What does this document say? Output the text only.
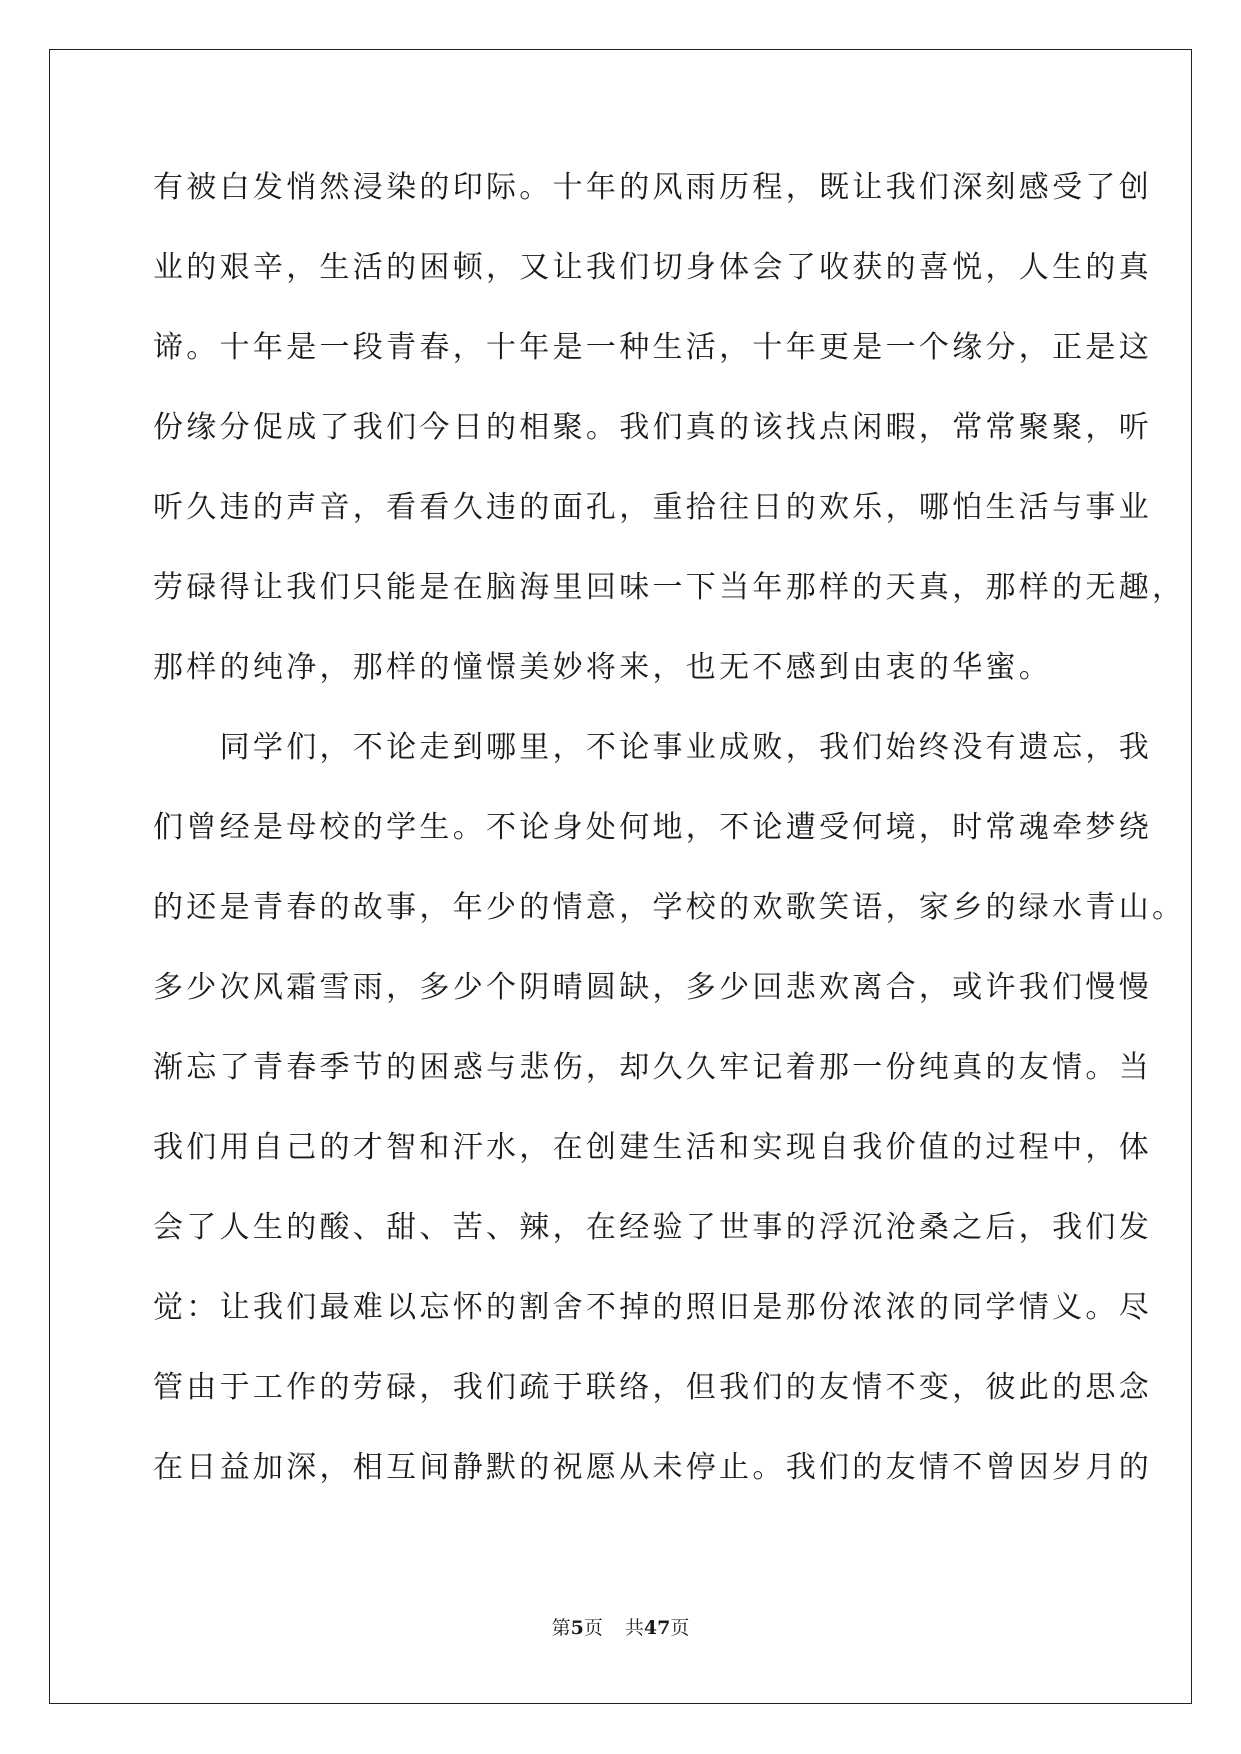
有被白发悄然浸染的印际。十年的风雨历程，既让我们深刻感受了创
业的艰辛，生活的困顿，又让我们切身体会了收获的喜悦，人生的真
谛。十年是一段青春，十年是一种生活，十年更是一个缘分，正是这
份缘分促成了我们今日的相聚。我们真的该找点闲暇，常常聚聚，听
听久违的声音，看看久违的面孔，重拾往日的欢乐，哪怕生活与事业
劳碌得让我们只能是在脑海里回味一下当年那样的天真，那样的无趣，
那样的纯净，那样的憧憬美妙将来，也无不感到由衷的华蜜。
　　同学们，不论走到哪里，不论事业成败，我们始终没有遗忘，我
们曾经是母校的学生。不论身处何地，不论遭受何境，时常魂牵梦绕
的还是青春的故事，年少的情意，学校的欢歌笑语，家乡的绿水青山。
多少次风霜雪雨，多少个阴晴圆缺，多少回悲欢离合，或许我们慢慢
渐忘了青春季节的困惑与悲伤，却久久牢记着那一份纯真的友情。当
我们用自己的才智和汗水，在创建生活和实现自我价值的过程中，体
会了人生的酸、甜、苦、辣，在经验了世事的浮沉沧桑之后，我们发
觉：让我们最难以忘怀的割舍不掉的照旧是那份浓浓的同学情义。尽
管由于工作的劳碌，我们疏于联络，但我们的友情不变，彼此的思念
在日益加深，相互间静默的祝愿从未停止。我们的友情不曾因岁月的
第5页 共47页
